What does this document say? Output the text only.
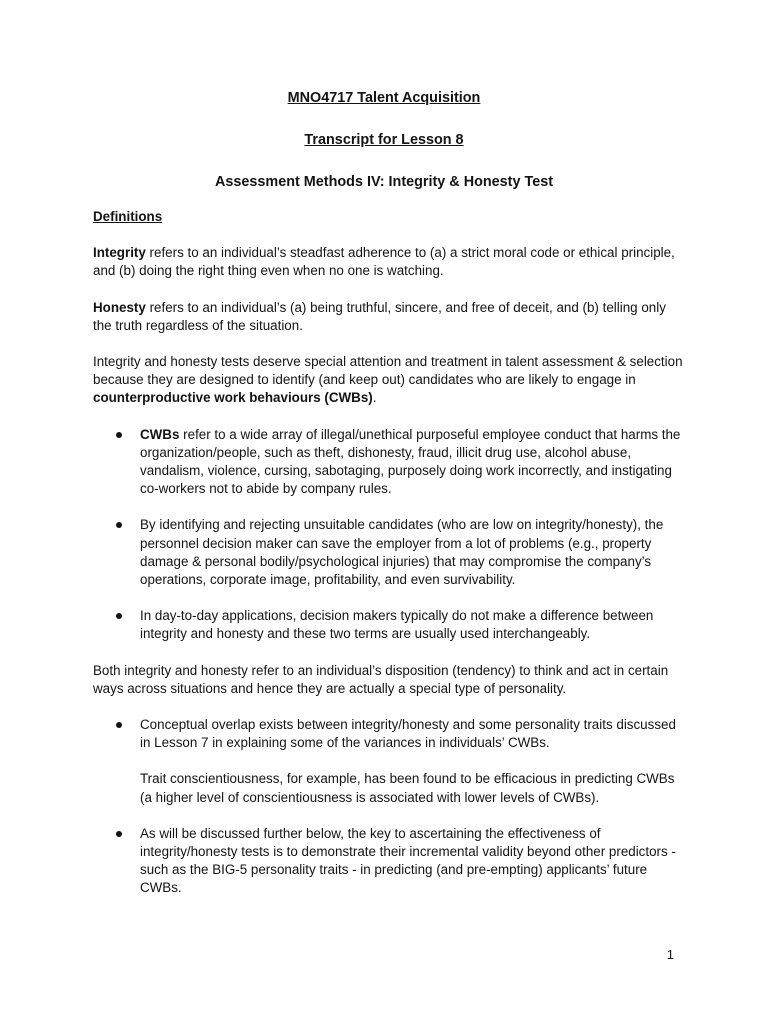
MNO4717 Talent Acquisition
Transcript for Lesson 8
Assessment Methods IV: Integrity & Honesty Test
Definitions

Integrity refers to an individual’s steadfast adherence to (a) a strict moral code or ethical principle, and (b) doing the right thing even when no one is watching.

Honesty refers to an individual’s (a) being truthful, sincere, and free of deceit, and (b) telling only the truth regardless of the situation.

Integrity and honesty tests deserve special attention and treatment in talent assessment & selection because they are designed to identify (and keep out) candidates who are likely to engage in counterproductive work behaviours (CWBs).

CWBs refer to a wide array of illegal/unethical purposeful employee conduct that harms the organization/people, such as theft, dishonesty, fraud, illicit drug use, alcohol abuse, vandalism, violence, cursing, sabotaging, purposely doing work incorrectly, and instigating co-workers not to abide by company rules.
By identifying and rejecting unsuitable candidates (who are low on integrity/honesty), the personnel decision maker can save the employer from a lot of problems (e.g., property damage & personal bodily/psychological injuries) that may compromise the company’s operations, corporate image, profitability, and even survivability.
In day-to-day applications, decision makers typically do not make a difference between integrity and honesty and these two terms are usually used interchangeably.

Both integrity and honesty refer to an individual’s disposition (tendency) to think and act in certain ways across situations and hence they are actually a special type of personality.

Conceptual overlap exists between integrity/honesty and some personality traits discussed in Lesson 7 in explaining some of the variances in individuals’ CWBs.
Trait conscientiousness, for example, has been found to be efficacious in predicting CWBs (a higher level of conscientiousness is associated with lower levels of CWBs).
As will be discussed further below, the key to ascertaining the effectiveness of integrity/honesty tests is to demonstrate their incremental validity beyond other predictors - such as the BIG-5 personality traits - in predicting (and pre-empting) applicants’ future CWBs.
1
